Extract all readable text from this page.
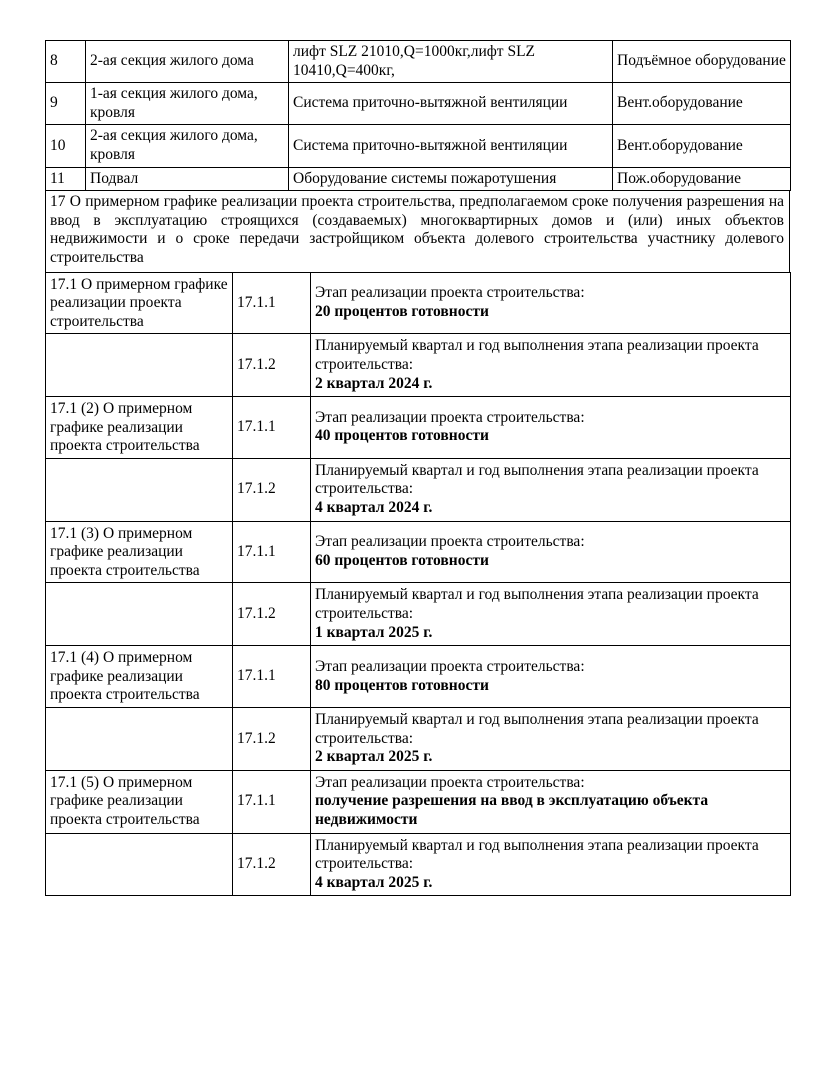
8	2-ая секция жилого дома	лифт SLZ 21010,Q=1000кг,лифт SLZ 10410,Q=400кг,	Подъёмное оборудование
9	1-ая секция жилого дома, кровля	Система приточно-вытяжной вентиляции	Вент.оборудование
10	2-ая секция жилого дома, кровля	Система приточно-вытяжной вентиляции	Вент.оборудование
11	Подвал	Оборудование системы пожаротушения	Пож.оборудование
17 О примерном графике реализации проекта строительства, предполагаемом сроке получения разрешения на ввод в эксплуатацию строящихся (создаваемых) многоквартирных домов и (или) иных объектов недвижимости и о сроке передачи застройщиком объекта долевого строительства участнику долевого строительства
17.1 О примерном графике реализации проекта строительства	17.1.1	Этап реализации проекта строительства:
20 процентов готовности

	17.1.2	Планируемый квартал и год выполнения этапа реализации проекта строительства:
2 квартал 2024 г.

17.1 (2) О примерном графике реализации проекта строительства	17.1.1	Этап реализации проекта строительства:
40 процентов готовности

	17.1.2	Планируемый квартал и год выполнения этапа реализации проекта строительства:
4 квартал 2024 г.

17.1 (3) О примерном графике реализации проекта строительства	17.1.1	Этап реализации проекта строительства:
60 процентов готовности

	17.1.2	Планируемый квартал и год выполнения этапа реализации проекта строительства:
1 квартал 2025 г.

17.1 (4) О примерном графике реализации проекта строительства	17.1.1	Этап реализации проекта строительства:
80 процентов готовности

	17.1.2	Планируемый квартал и год выполнения этапа реализации проекта строительства:
2 квартал 2025 г.

17.1 (5) О примерном графике реализации проекта строительства	17.1.1	Этап реализации проекта строительства:
получение разрешения на ввод в эксплуатацию объекта недвижимости

	17.1.2	Планируемый квартал и год выполнения этапа реализации проекта строительства:
4 квартал 2025 г.
